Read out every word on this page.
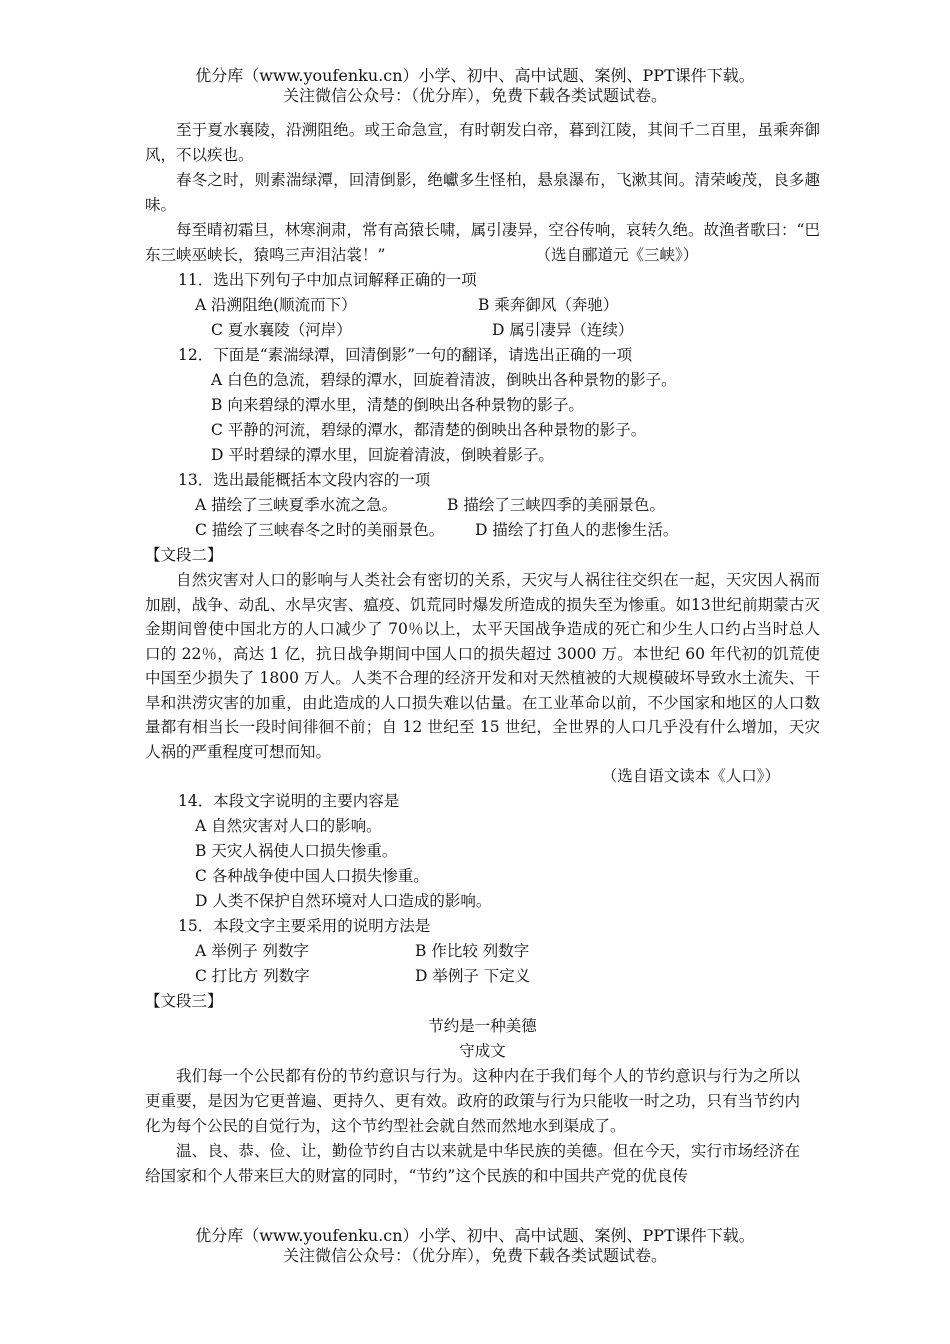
优分库（www.youfenku.cn）小学、初中、高中试题、案例、PPT课件下载。
关注微信公众号：（优分库），免费下载各类试题试卷。

至于夏水襄陵，沿溯阻绝。或王命急宣，有时朝发白帝，暮到江陵，其间千二百里，虽乘奔御风，不以疾也。

春冬之时，则素湍绿潭，回清倒影，绝巘多生怪柏，悬泉瀑布，飞漱其间。清荣峻茂，良多趣味。

每至晴初霜旦，林寒涧肃，常有高猿长啸，属引凄异，空谷传响，哀转久绝。故渔者歌曰：“巴东三峡巫峡长，猿鸣三声泪沾裳！”	（选自郦道元《三峡》）

11．选出下列句子中加点词解释正确的一项
A 沿溯阻绝(顺流而下）	B 乘奔御风（奔驰）
C 夏水襄陵（河岸）	D 属引凄异（连续）
12．下面是“素湍绿潭，回清倒影”一句的翻译，请选出正确的一项
A 白色的急流，碧绿的潭水，回旋着清波，倒映出各种景物的影子。
B 向来碧绿的潭水里，清楚的倒映出各种景物的影子。
C 平静的河流，碧绿的潭水，都清楚的倒映出各种景物的影子。
D 平时碧绿的潭水里，回旋着清波，倒映着影子。
13．选出最能概括本文段内容的一项
A 描绘了三峡夏季水流之急。	B 描绘了三峡四季的美丽景色。
C 描绘了三峡春冬之时的美丽景色。	D 描绘了打鱼人的悲惨生活。
【文段二】

自然灾害对人口的影响与人类社会有密切的关系，天灾与人祸往往交织在一起，天灾因人祸而加剧，战争、动乱、水旱灾害、瘟疫、饥荒同时爆发所造成的损失至为惨重。如13世纪前期蒙古灭金期间曾使中国北方的人口减少了 70％以上，太平天国战争造成的死亡和少生人口约占当时总人口的 22％，高达 1 亿，抗日战争期间中国人口的损失超过 3000 万。本世纪 60 年代初的饥荒使中国至少损失了 1800 万人。人类不合理的经济开发和对天然植被的大规模破坏导致水土流失、干旱和洪涝灾害的加重，由此造成的人口损失难以估量。在工业革命以前，不少国家和地区的人口数量都有相当长一段时间徘徊不前；自 12 世纪至 15 世纪，全世界的人口几乎没有什么增加，天灾人祸的严重程度可想而知。

（选自语文读本《人口》）
14．本段文字说明的主要内容是
A 自然灾害对人口的影响。
B 天灾人祸使人口损失惨重。
C 各种战争使中国人口损失惨重。
D 人类不保护自然环境对人口造成的影响。
15．本段文字主要采用的说明方法是
A 举例子 列数字	B 作比较 列数字
C 打比方 列数字	D 举例子 下定义
【文段三】
节约是一种美德
守成文

我们每一个公民都有份的节约意识与行为。这种内在于我们每个人的节约意识与行为之所以更重要，是因为它更普遍、更持久、更有效。政府的政策与行为只能收一时之功，只有当节约内化为每个公民的自觉行为，这个节约型社会就自然而然地水到渠成了。

温、良、恭、俭、让，勤俭节约自古以来就是中华民族的美德。但在今天，实行市场经济在给国家和个人带来巨大的财富的同时，“节约”这个民族的和中国共产党的优良传

优分库（www.youfenku.cn）小学、初中、高中试题、案例、PPT课件下载。
关注微信公众号：（优分库），免费下载各类试题试卷。
